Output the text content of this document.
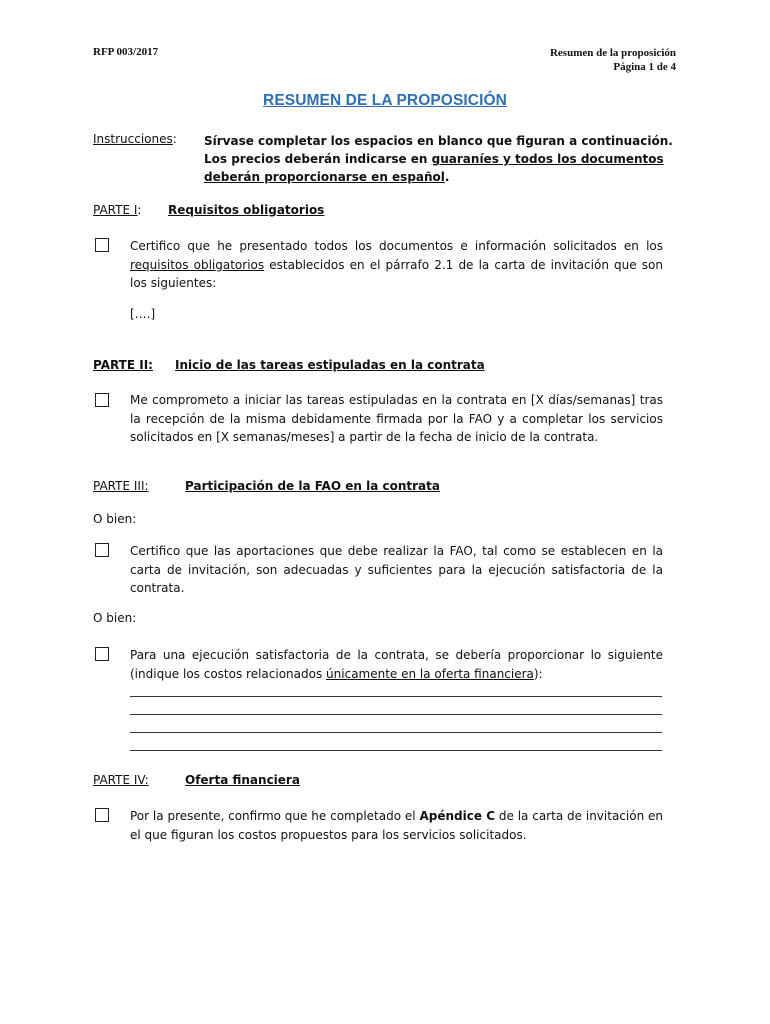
RFP 003/2017	Resumen de la proposición
Página 1 de 4
RESUMEN DE LA PROPOSICIÓN
Instrucciones: Sírvase completar los espacios en blanco que figuran a continuación. Los precios deberán indicarse en guaraníes y todos los documentos deberán proporcionarse en español.
PARTE I: Requisitos obligatorios
Certifico que he presentado todos los documentos e información solicitados en los requisitos obligatorios establecidos en el párrafo 2.1 de la carta de invitación que son los siguientes:
[….]
PARTE II: Inicio de las tareas estipuladas en la contrata
Me comprometo a iniciar las tareas estipuladas en la contrata en [X días/semanas] tras la recepción de la misma debidamente firmada por la FAO y a completar los servicios solicitados en [X semanas/meses] a partir de la fecha de inicio de la contrata.
PARTE III:	Participación de la FAO en la contrata
O bien:
Certifico que las aportaciones que debe realizar la FAO, tal como se establecen en la carta de invitación, son adecuadas y suficientes para la ejecución satisfactoria de la contrata.
O bien:
Para una ejecución satisfactoria de la contrata, se debería proporcionar lo siguiente (indique los costos relacionados únicamente en la oferta financiera):
PARTE IV:	Oferta financiera
Por la presente, confirmo que he completado el Apéndice C de la carta de invitación en el que figuran los costos propuestos para los servicios solicitados.
